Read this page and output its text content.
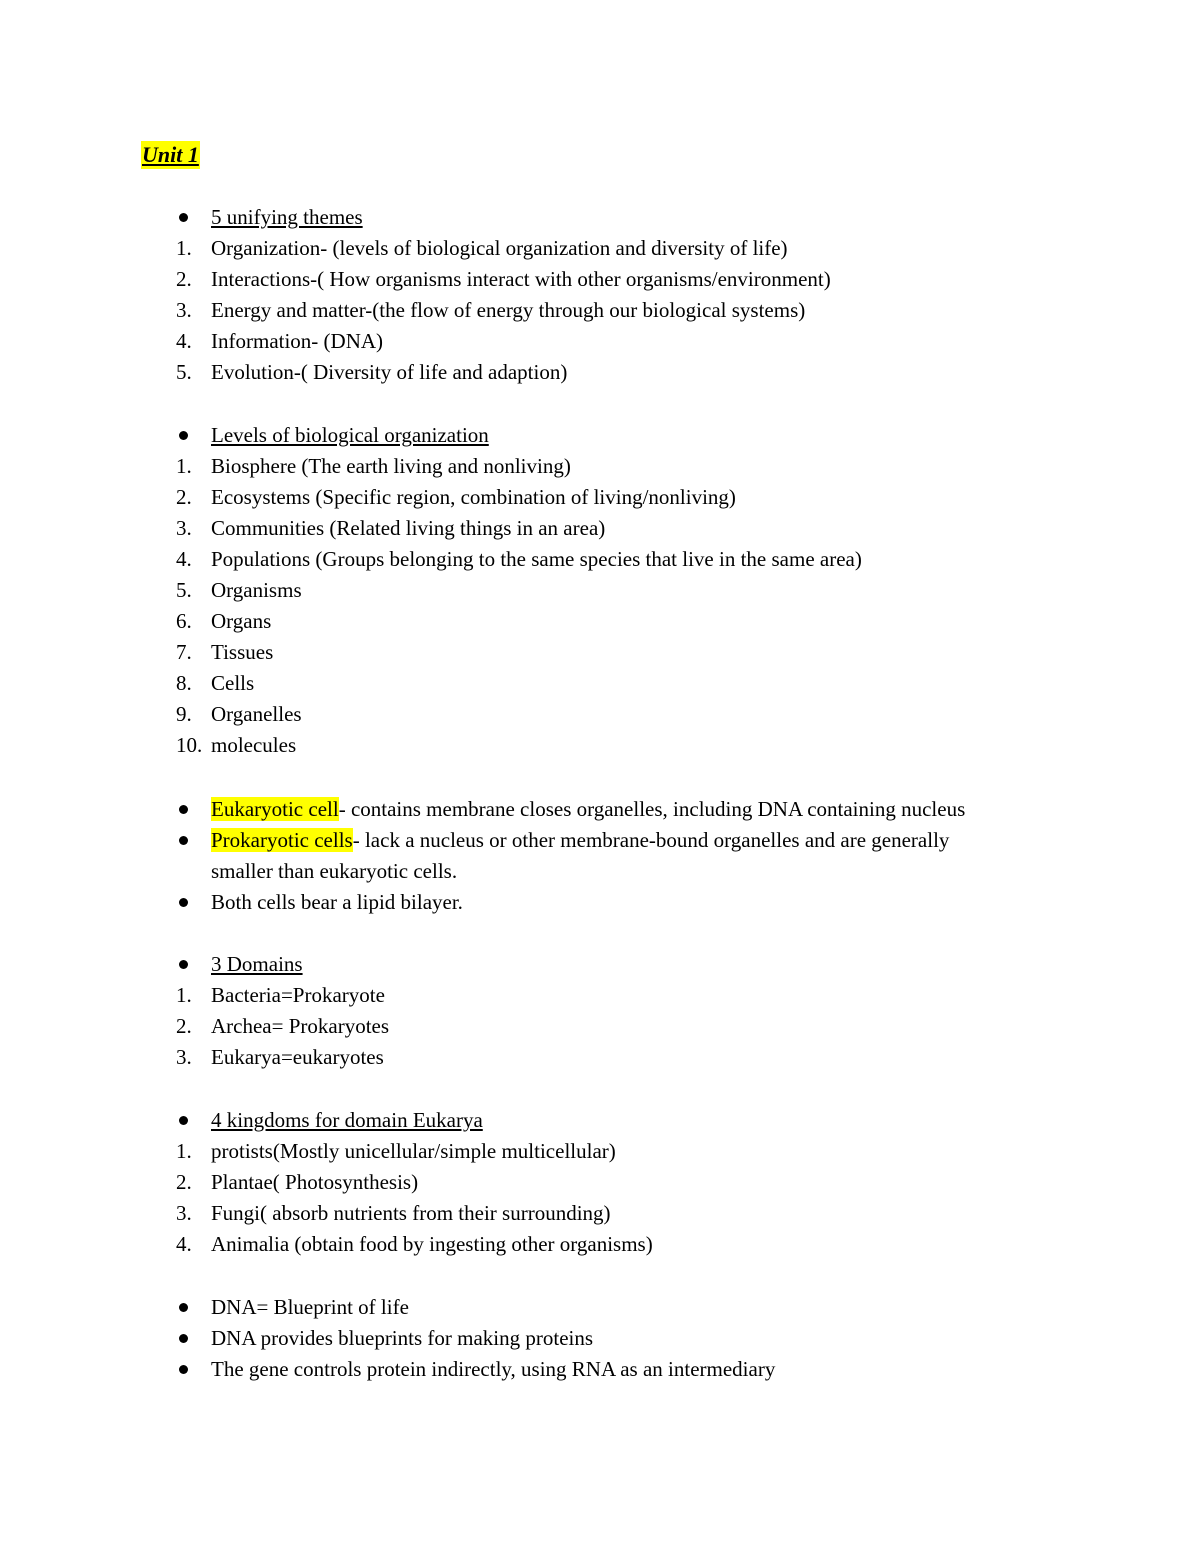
Unit 1
5 unifying themes
1. Organization- (levels of biological organization and diversity of life)
2. Interactions-( How organisms interact with other organisms/environment)
3. Energy and matter-(the flow of energy through our biological systems)
4. Information- (DNA)
5. Evolution-( Diversity of life and adaption)
Levels of biological organization
1. Biosphere (The earth living and nonliving)
2. Ecosystems (Specific region, combination of living/nonliving)
3. Communities (Related living things in an area)
4. Populations (Groups belonging to the same species that live in the same area)
5. Organisms
6. Organs
7. Tissues
8. Cells
9. Organelles
10. molecules
Eukaryotic cell- contains membrane closes organelles, including DNA containing nucleus
Prokaryotic cells- lack a nucleus or other membrane-bound organelles and are generally
smaller than eukaryotic cells.
Both cells bear a lipid bilayer.
3 Domains
1. Bacteria=Prokaryote
2. Archea= Prokaryotes
3. Eukarya=eukaryotes
4 kingdoms for domain Eukarya
1. protists(Mostly unicellular/simple multicellular)
2. Plantae( Photosynthesis)
3. Fungi( absorb nutrients from their surrounding)
4. Animalia (obtain food by ingesting other organisms)
DNA= Blueprint of life
DNA provides blueprints for making proteins
The gene controls protein indirectly, using RNA as an intermediary
